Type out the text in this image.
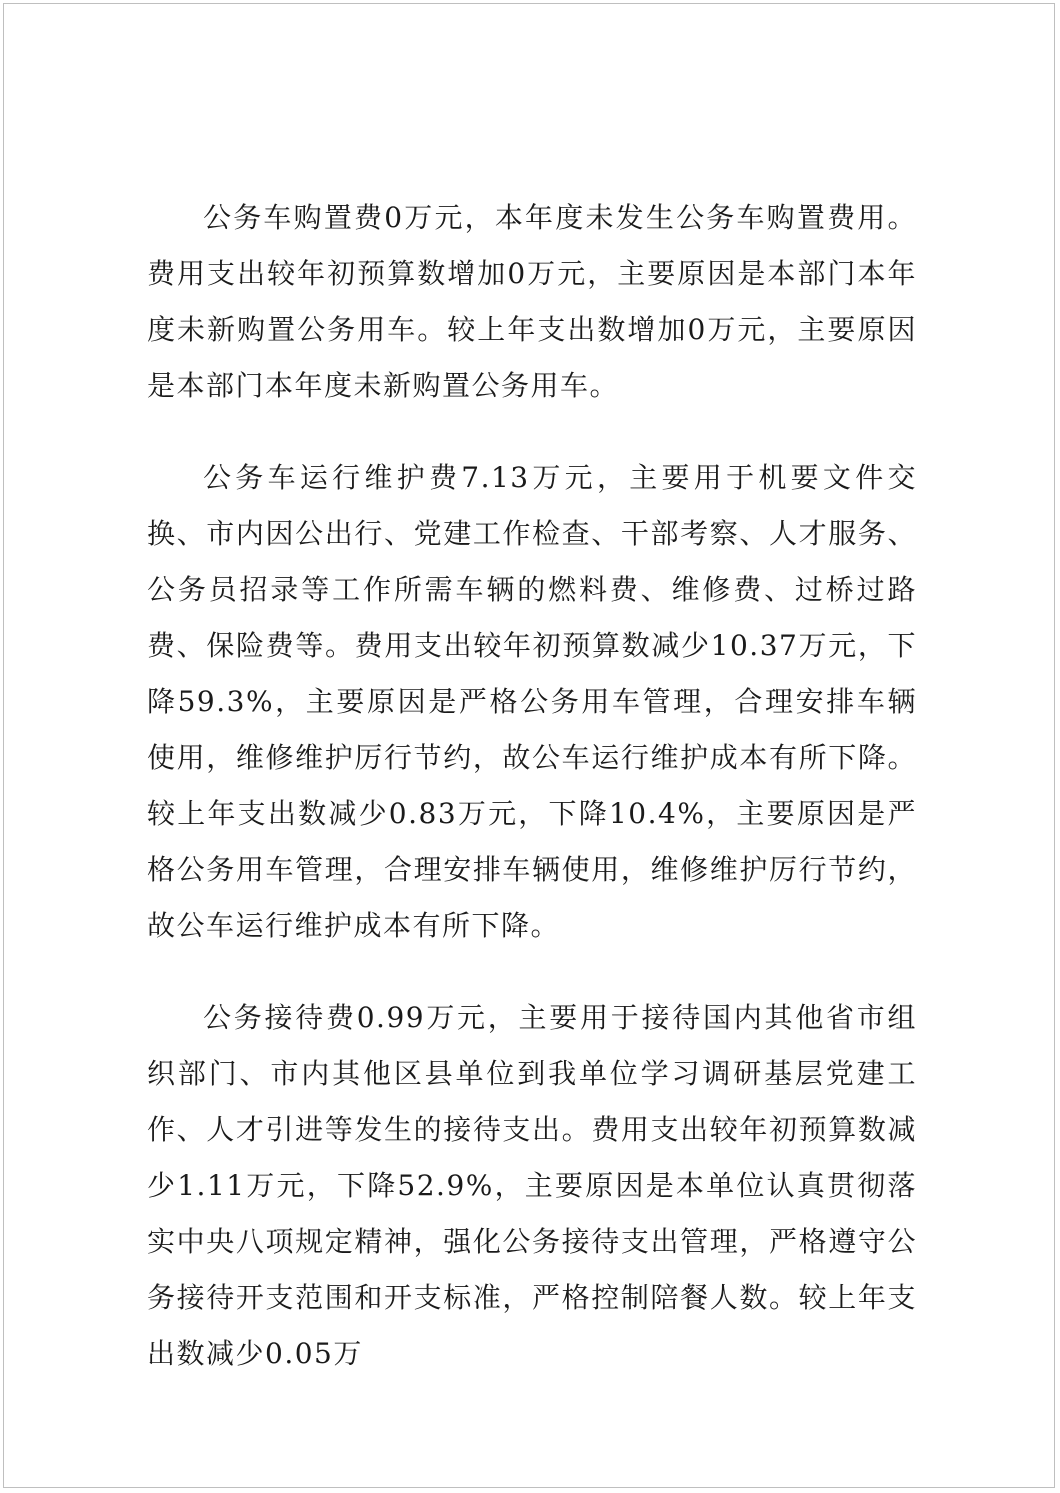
公务车购置费0万元，本年度未发生公务车购置费用。费用支出较年初预算数增加0万元，主要原因是本部门本年度未新购置公务用车。较上年支出数增加0万元，主要原因是本部门本年度未新购置公务用车。

公务车运行维护费7.13万元，主要用于机要文件交换、市内因公出行、党建工作检查、干部考察、人才服务、公务员招录等工作所需车辆的燃料费、维修费、过桥过路费、保险费等。费用支出较年初预算数减少10.37万元，下降59.3%，主要原因是严格公务用车管理，合理安排车辆使用，维修维护厉行节约，故公车运行维护成本有所下降。较上年支出数减少0.83万元，下降10.4%，主要原因是严格公务用车管理，合理安排车辆使用，维修维护厉行节约，故公车运行维护成本有所下降。

公务接待费0.99万元，主要用于接待国内其他省市组织部门、市内其他区县单位到我单位学习调研基层党建工作、人才引进等发生的接待支出。费用支出较年初预算数减少1.11万元，下降52.9%，主要原因是本单位认真贯彻落实中央八项规定精神，强化公务接待支出管理，严格遵守公务接待开支范围和开支标准，严格控制陪餐人数。较上年支出数减少0.05万
